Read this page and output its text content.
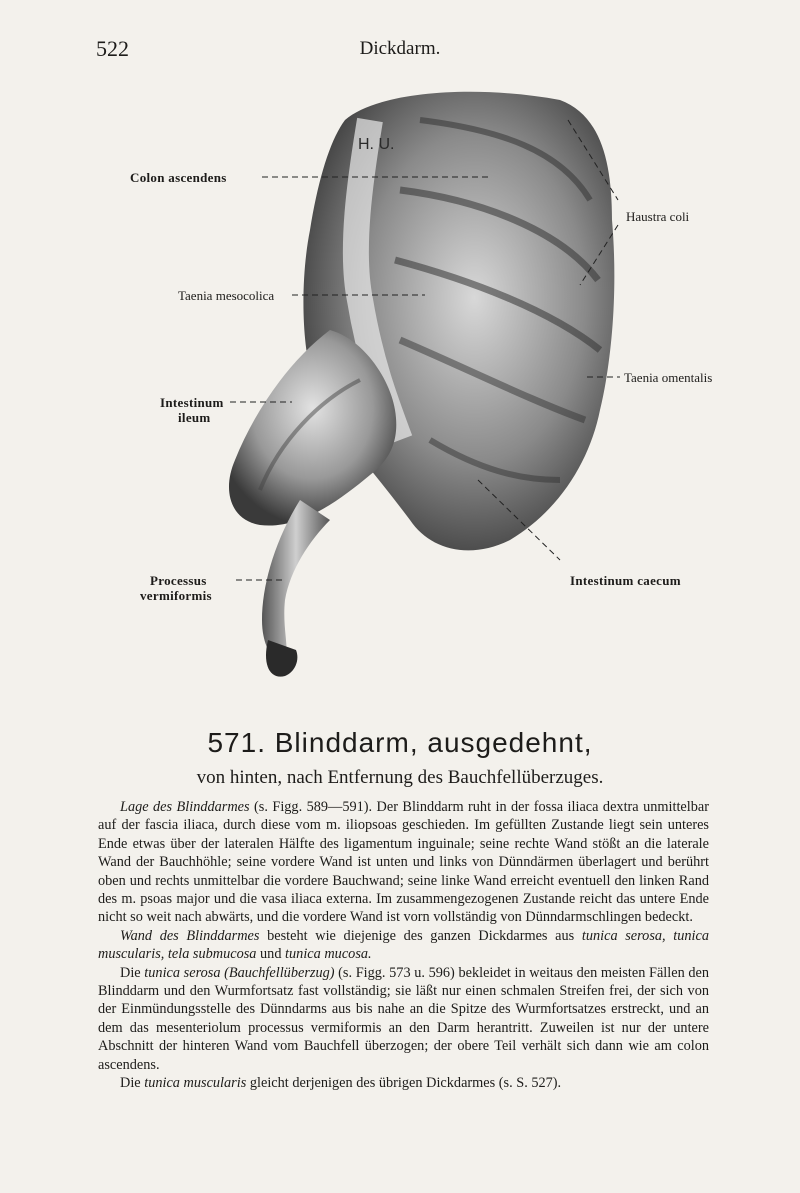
522	Dickdarm.
H. U.
Colon ascendens
Haustra coli
Taenia mesocolica
Taenia omentalis
Intestinum
ileum
Processus
vermiformis
Intestinum caecum
571. Blinddarm, ausgedehnt,
von hinten, nach Entfernung des Bauchfellüberzuges.

Lage des Blinddarmes (s. Figg. 589—591). Der Blinddarm ruht in der fossa iliaca dextra unmittelbar auf der fascia iliaca, durch diese vom m. iliopsoas geschieden. Im gefüllten Zustande liegt sein unteres Ende etwas über der lateralen Hälfte des ligamentum inguinale; seine rechte Wand stößt an die laterale Wand der Bauchhöhle; seine vordere Wand ist unten und links von Dünndärmen überlagert und berührt oben und rechts unmittelbar die vordere Bauchwand; seine linke Wand erreicht eventuell den linken Rand des m. psoas major und die vasa iliaca externa. Im zusammengezogenen Zustande reicht das untere Ende nicht so weit nach abwärts, und die vordere Wand ist vorn vollständig von Dünndarmschlingen bedeckt.

Wand des Blinddarmes besteht wie diejenige des ganzen Dickdarmes aus tunica serosa, tunica muscularis, tela submucosa und tunica mucosa.

Die tunica serosa (Bauchfellüberzug) (s. Figg. 573 u. 596) bekleidet in weitaus den meisten Fällen den Blinddarm und den Wurmfortsatz fast vollständig; sie läßt nur einen schmalen Streifen frei, der sich von der Einmündungsstelle des Dünndarms aus bis nahe an die Spitze des Wurmfortsatzes erstreckt, und an dem das mesenteriolum processus vermiformis an den Darm herantritt. Zuweilen ist nur der untere Abschnitt der hinteren Wand vom Bauchfell überzogen; der obere Teil verhält sich dann wie am colon ascendens.

Die tunica muscularis gleicht derjenigen des übrigen Dickdarmes (s. S. 527).
